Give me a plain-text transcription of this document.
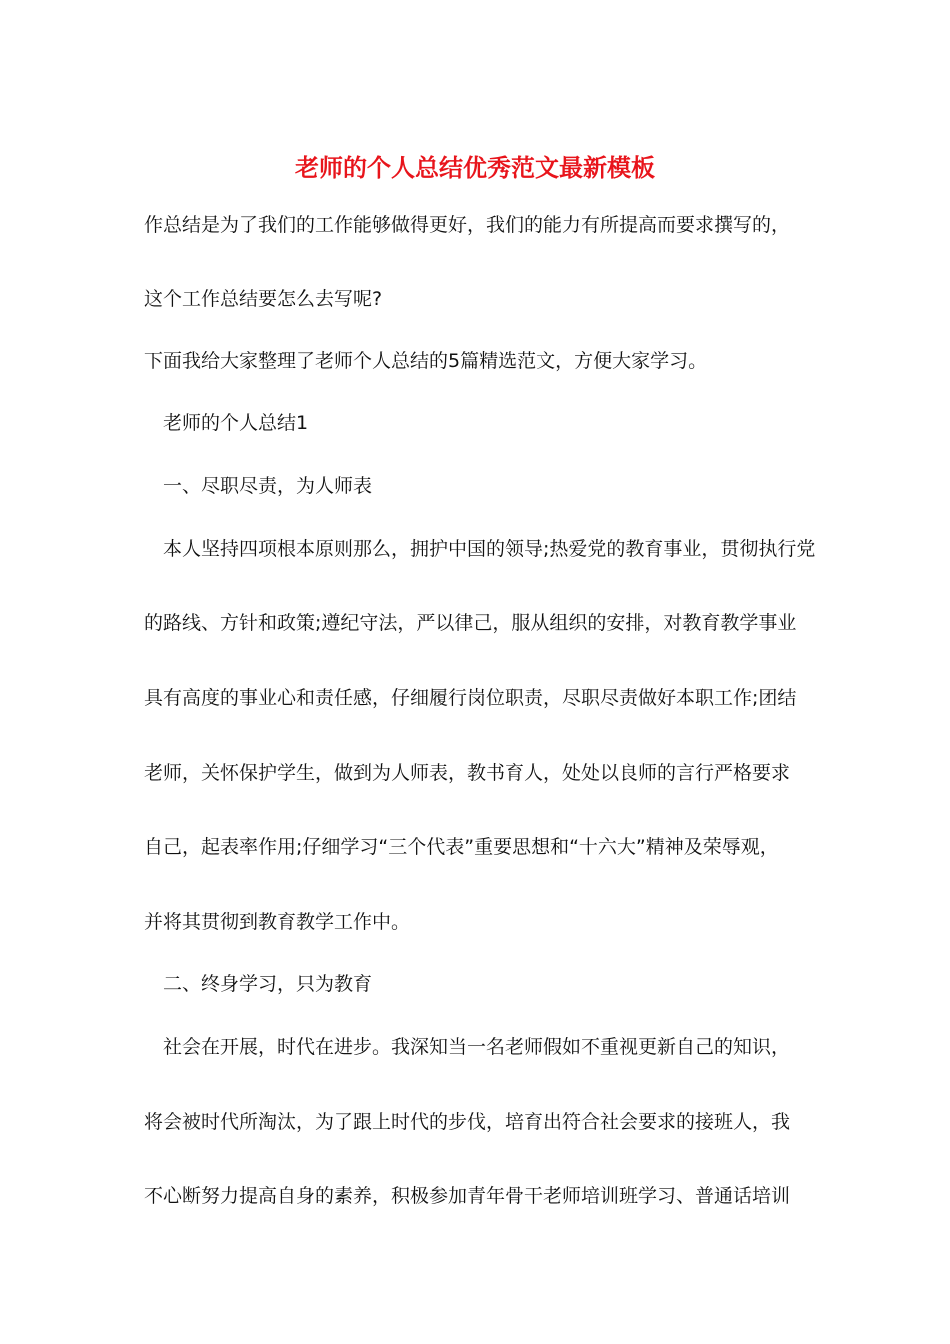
老师的个人总结优秀范文最新模板
作总结是为了我们的工作能够做得更好，我们的能力有所提高而要求撰写的，
这个工作总结要怎么去写呢?
下面我给大家整理了老师个人总结的5篇精选范文，方便大家学习。
老师的个人总结1
一、尽职尽责，为人师表
本人坚持四项根本原则那么，拥护中国的领导;热爱党的教育事业，贯彻执行党
的路线、方针和政策;遵纪守法，严以律己，服从组织的安排，对教育教学事业
具有高度的事业心和责任感，仔细履行岗位职责，尽职尽责做好本职工作;团结
老师，关怀保护学生，做到为人师表，教书育人，处处以良师的言行严格要求
自己，起表率作用;仔细学习“三个代表”重要思想和“十六大”精神及荣辱观，
并将其贯彻到教育教学工作中。
二、终身学习，只为教育
社会在开展，时代在进步。我深知当一名老师假如不重视更新自己的知识，
将会被时代所淘汰，为了跟上时代的步伐，培育出符合社会要求的接班人，我
不心断努力提高自身的素养，积极参加青年骨干老师培训班学习、普通话培训
